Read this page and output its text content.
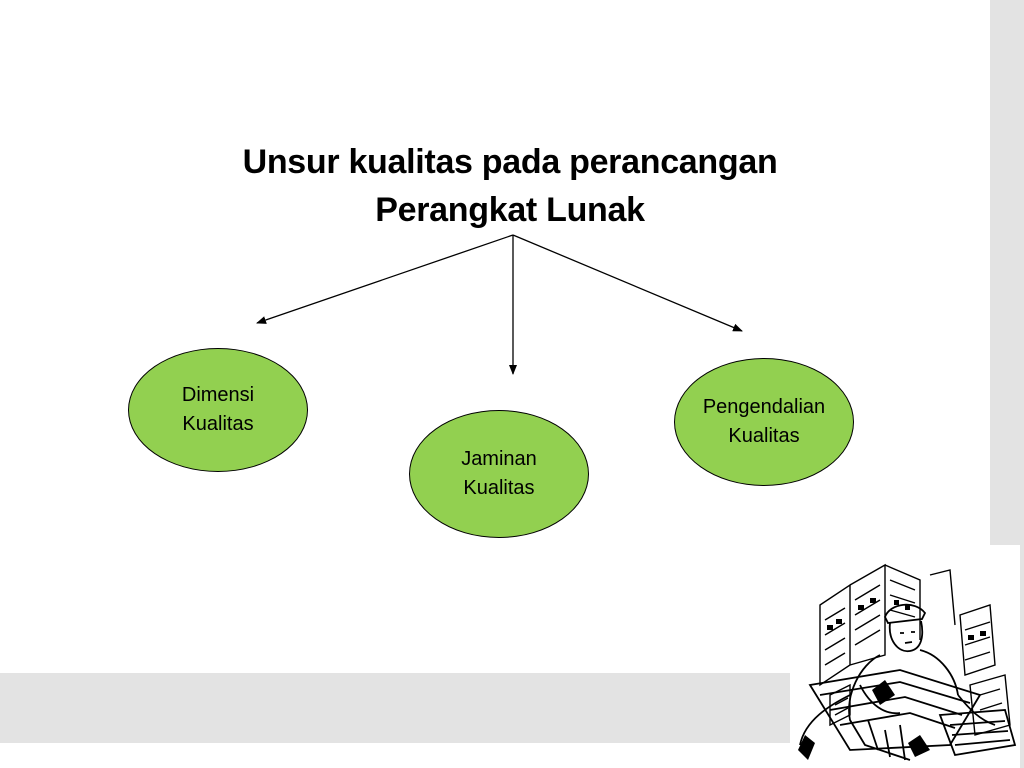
Unsur kualitas pada perancangan
Perangkat Lunak
Dimensi
Kualitas
Jaminan
Kualitas
Pengendalian
Kualitas
